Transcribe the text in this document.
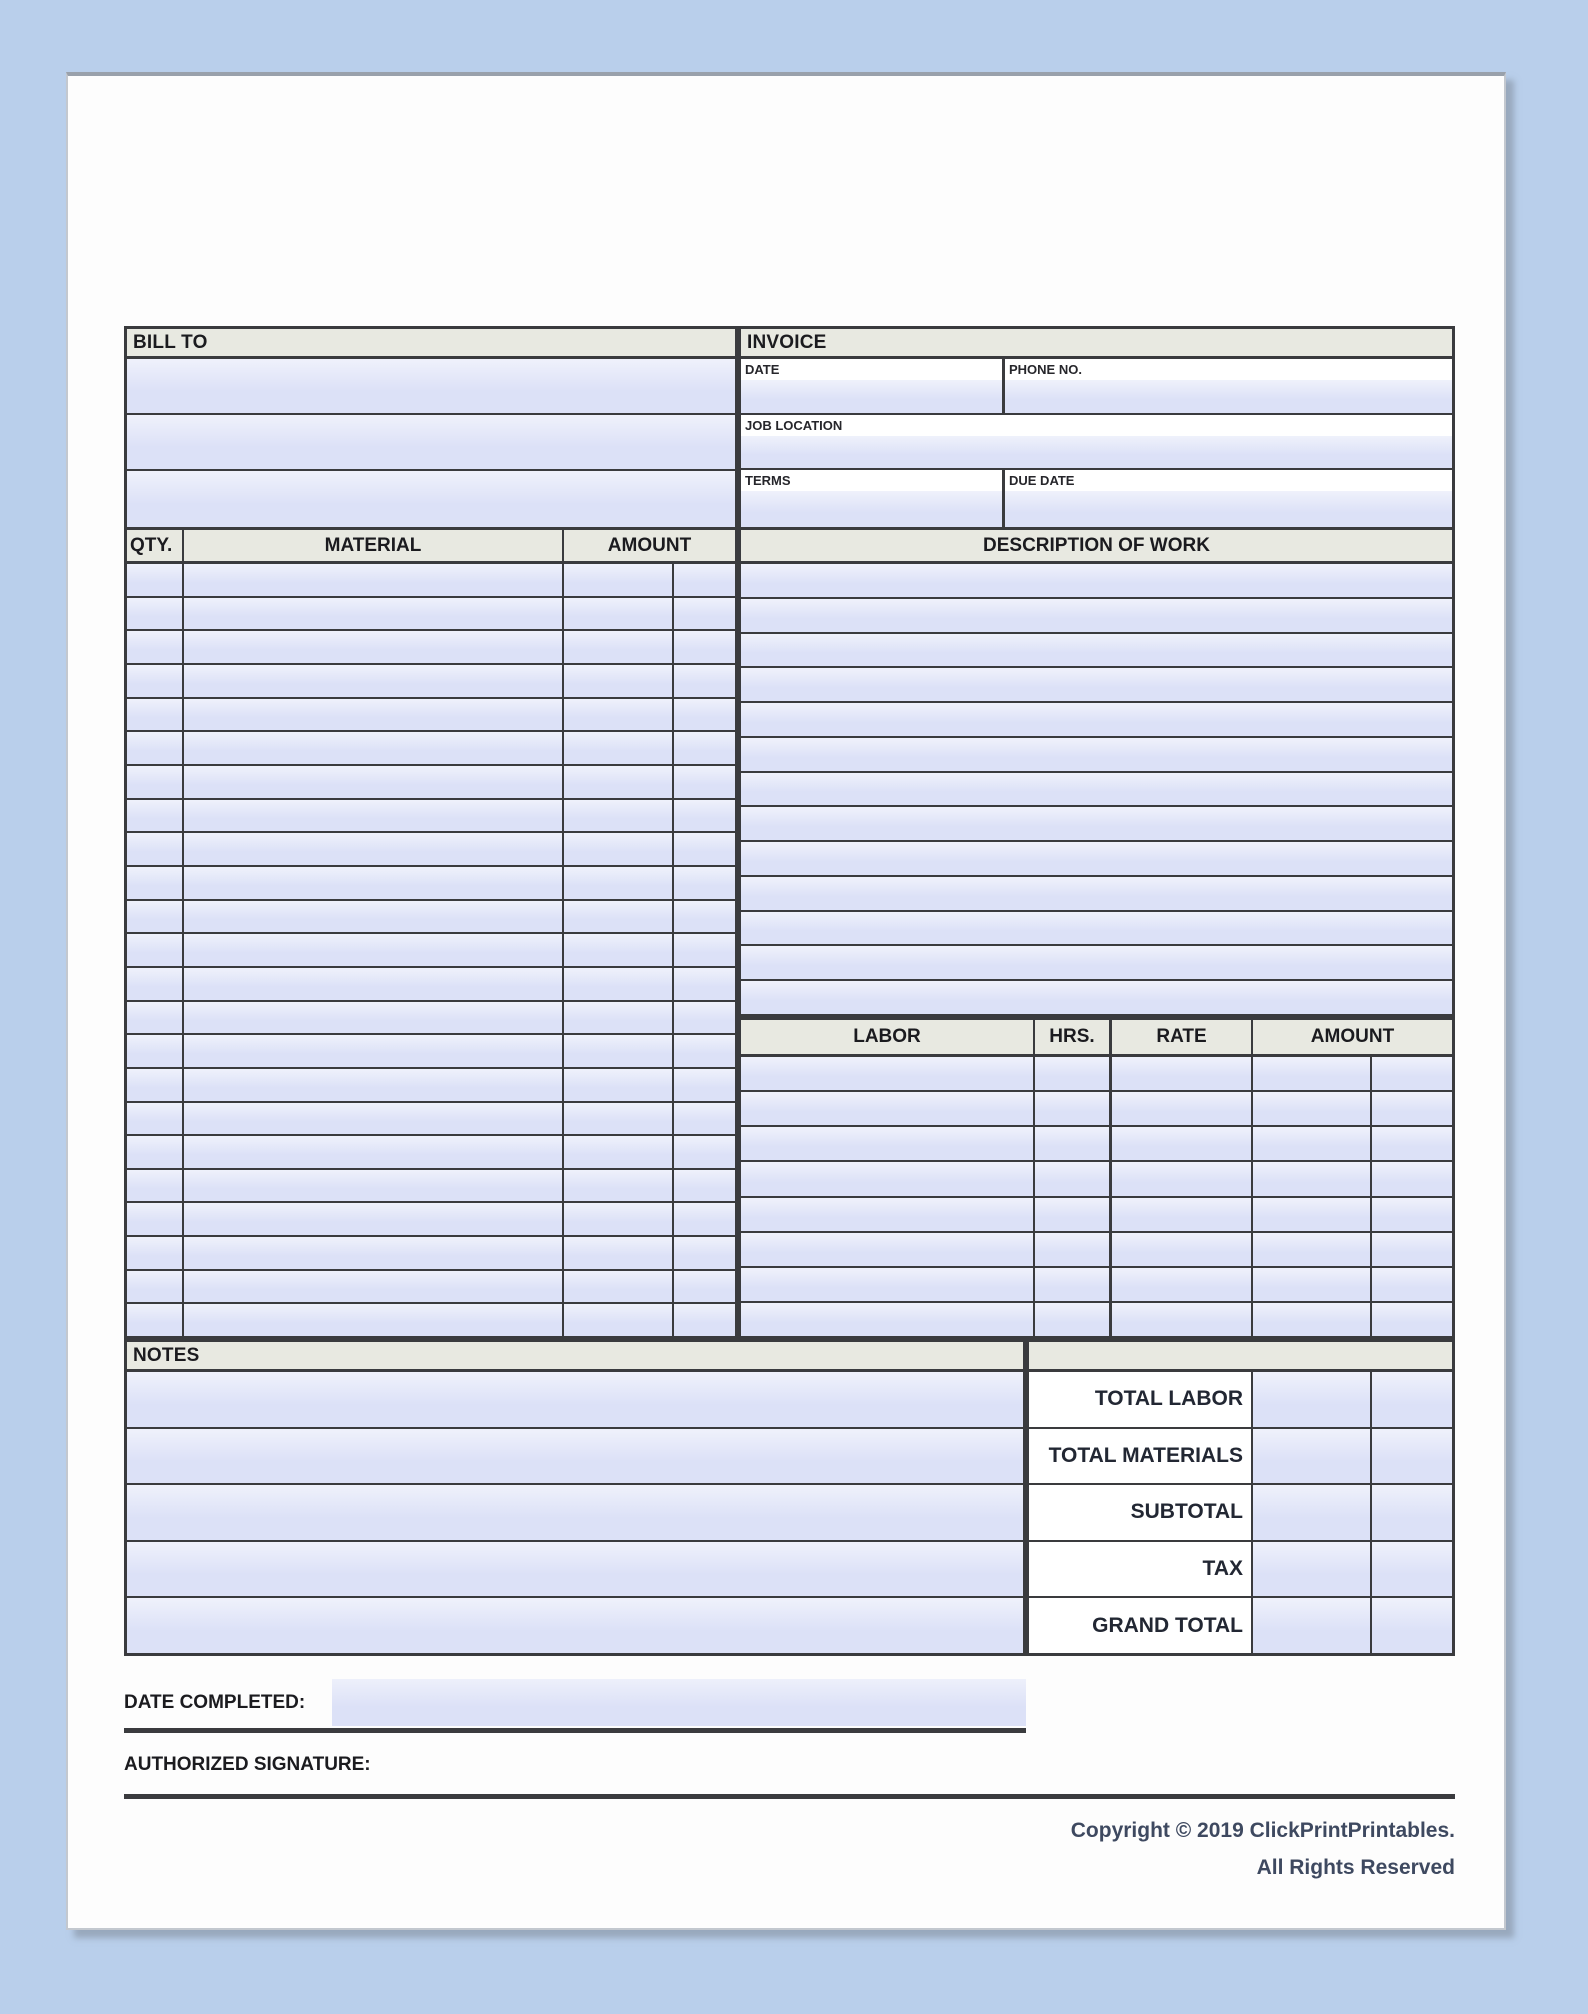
BILL TO	INVOICE
DATE	PHONE NO.
JOB LOCATION
TERMS	DUE DATE
QTY.	MATERIAL	AMOUNT	DESCRIPTION OF WORK
LABOR	HRS.	RATE	AMOUNT
NOTES
TOTAL LABOR
TOTAL MATERIALS
SUBTOTAL
TAX
GRAND TOTAL
DATE COMPLETED:
AUTHORIZED SIGNATURE:
Copyright © 2019 ClickPrintPrintables.
All Rights Reserved
